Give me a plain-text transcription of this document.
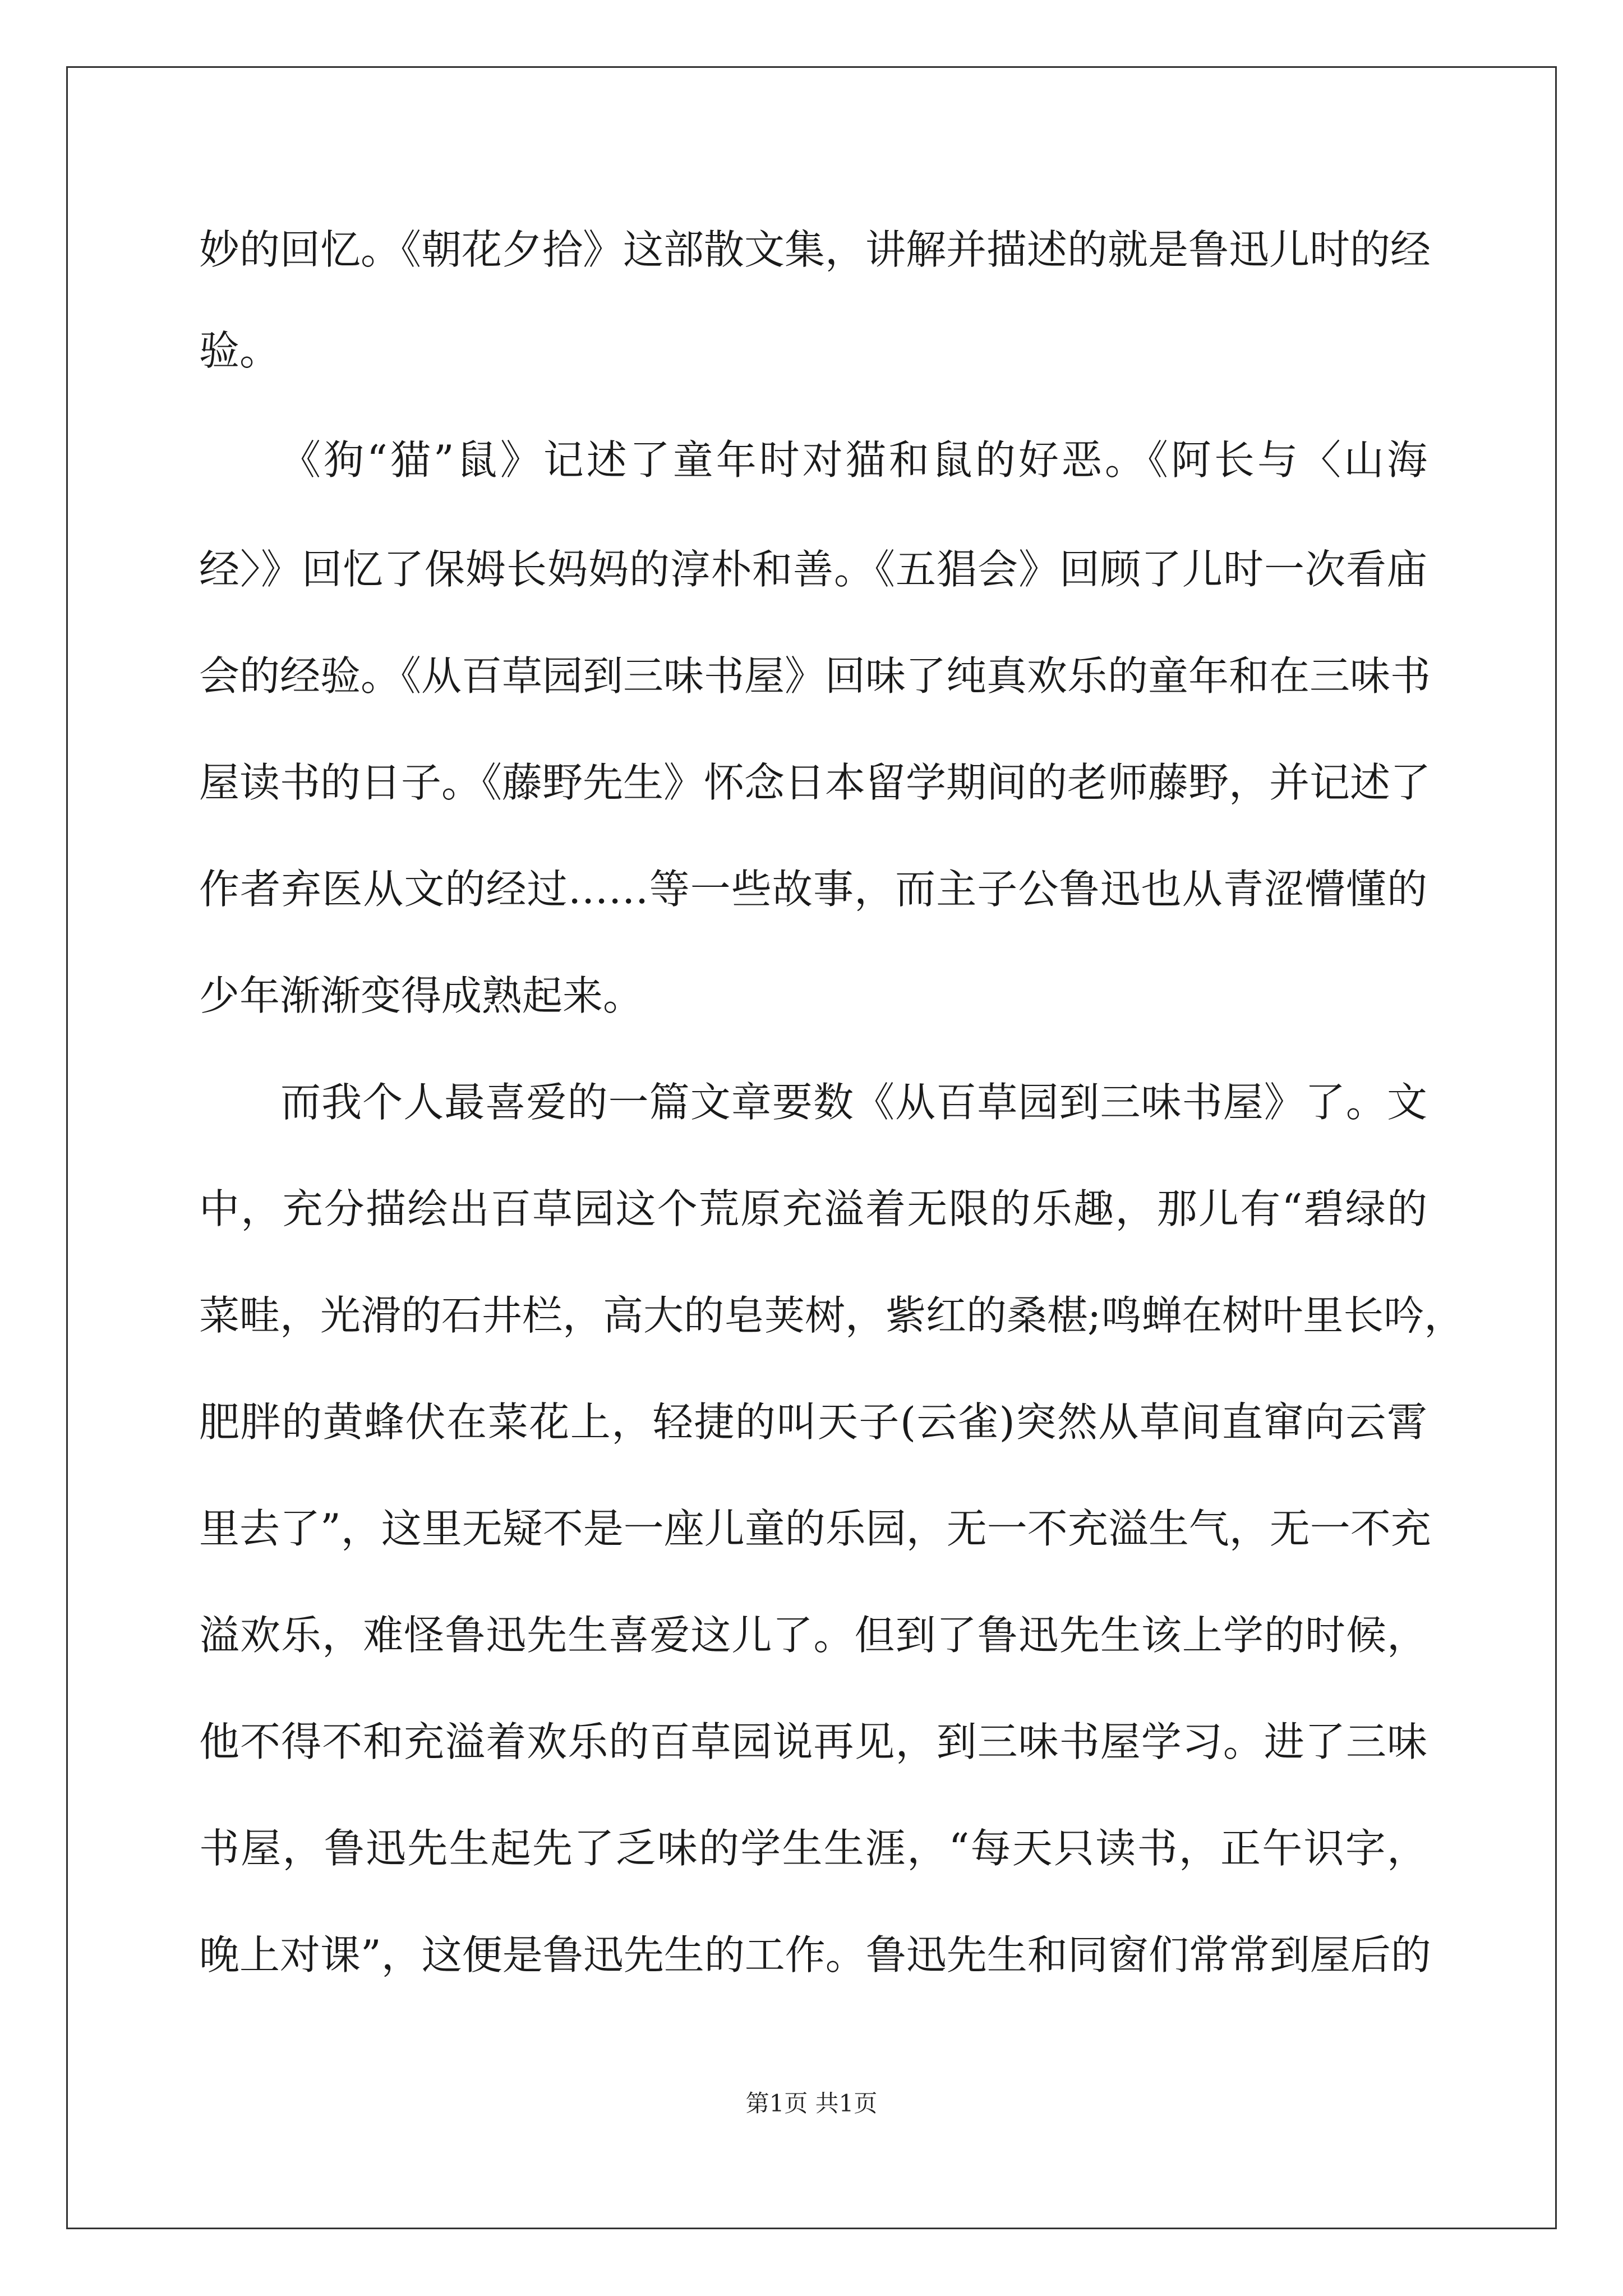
妙的回忆。《朝花夕拾》这部散文集，讲解并描述的就是鲁迅儿时的经
验。
《狗“猫”鼠》记述了童年时对猫和鼠的好恶。《阿长与〈山海
经〉》回忆了保姆长妈妈的淳朴和善。《五猖会》回顾了儿时一次看庙
会的经验。《从百草园到三味书屋》回味了纯真欢乐的童年和在三味书
屋读书的日子。《藤野先生》怀念日本留学期间的老师藤野，并记述了
作者弃医从文的经过……等一些故事，而主子公鲁迅也从青涩懵懂的
少年渐渐变得成熟起来。
而我个人最喜爱的一篇文章要数《从百草园到三味书屋》了。文
中，充分描绘出百草园这个荒原充溢着无限的乐趣，那儿有“碧绿的
菜畦，光滑的石井栏，高大的皂荚树，紫红的桑椹;鸣蝉在树叶里长吟，
肥胖的黄蜂伏在菜花上，轻捷的叫天子(云雀)突然从草间直窜向云霄
里去了”，这里无疑不是一座儿童的乐园，无一不充溢生气，无一不充
溢欢乐，难怪鲁迅先生喜爱这儿了。但到了鲁迅先生该上学的时候，
他不得不和充溢着欢乐的百草园说再见，到三味书屋学习。进了三味
书屋，鲁迅先生起先了乏味的学生生涯，“每天只读书，正午识字，
晚上对课”，这便是鲁迅先生的工作。鲁迅先生和同窗们常常到屋后的
第1页 共1页
